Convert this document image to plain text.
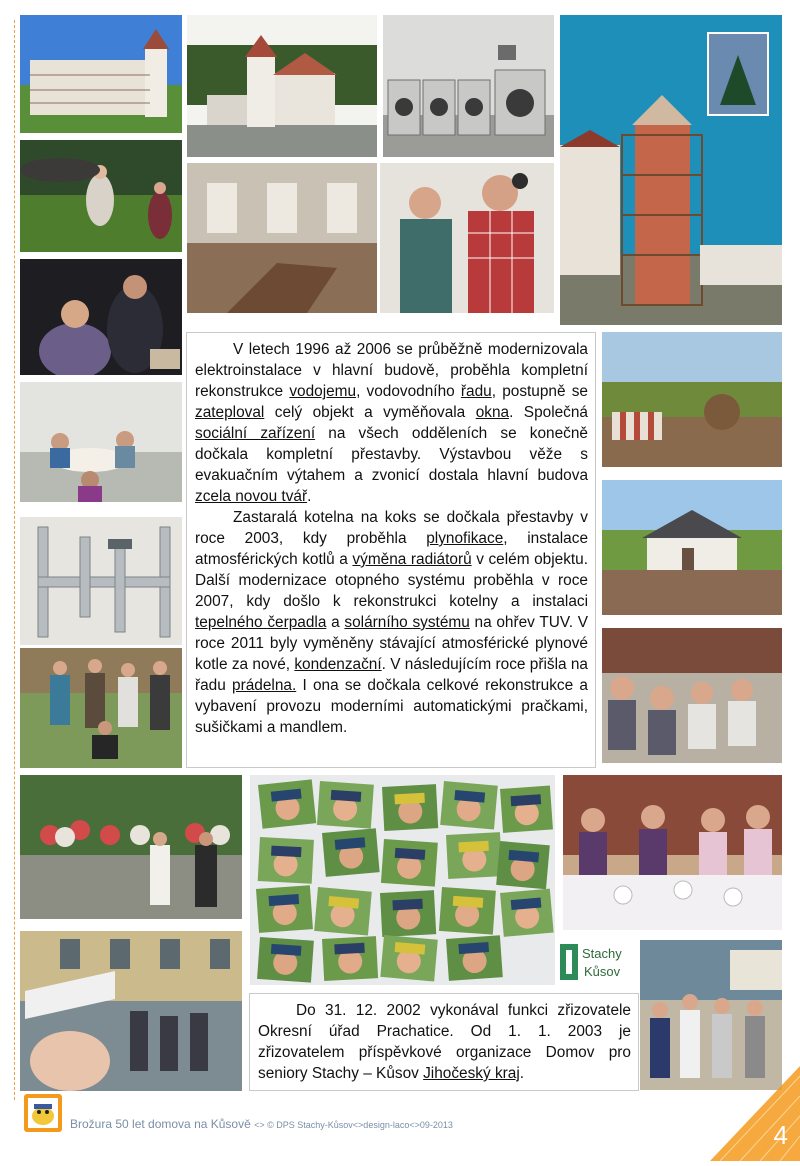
Stachy
Kůsov

V letech 1996 až 2006 se průběžně modernizovala elektroinstalace v hlavní budově, proběhla kompletní rekonstrukce vodojemu, vodovodního řadu, postupně se zateploval celý objekt a vyměňovala okna. Společná sociální zařízení na všech odděleních se konečně dočkala kompletní přestavby. Výstavbou věže s evakuačním výtahem a zvonicí dostala hlavní budova zcela novou tvář.

Zastaralá kotelna na koks se dočkala přestavby v roce 2003, kdy proběhla plynofikace, instalace atmosférických kotlů a výměna radiátorů v celém objektu. Další modernizace otopného systému proběhla v roce 2007, kdy došlo k rekonstrukci kotelny a instalaci tepelného čerpadla a solárního systému na ohřev TUV. V roce 2011 byly vyměněny stávající atmosférické plynové kotle za nové, kondenzační. V následujícím roce přišla na řadu prádelna. I ona se dočkala celkové rekonstrukce a vybavení provozu moderními automatickými pračkami, sušičkami a mandlem.

Do 31. 12. 2002 vykonával funkci zřizovatele Okresní úřad Prachatice. Od 1. 1. 2003 je zřizovatelem příspěvkové organizace Domov pro seniory Stachy – Kůsov Jihočeský kraj.

Brožura 50 let domova na Kůsově <> © DPS Stachy-Kůsov<>design-laco<>09-2013	4
